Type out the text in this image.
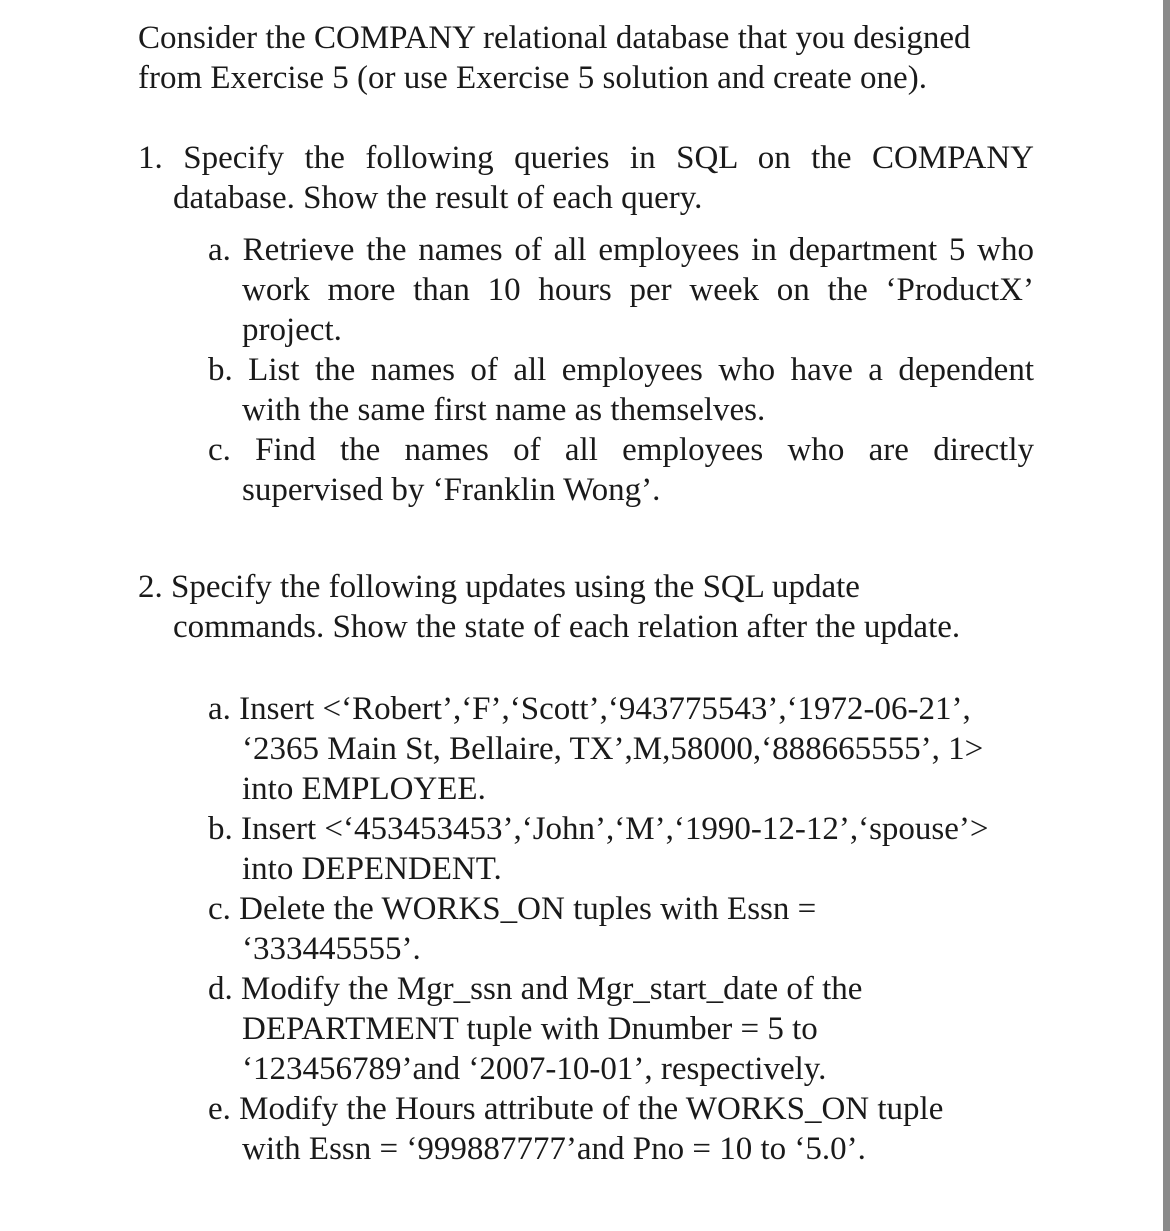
Consider the COMPANY relational database that you designed
from Exercise 5 (or use Exercise 5 solution and create one).
1. Specify the following queries in SQL on the COMPANY
database. Show the result of each query.
a. Retrieve the names of all employees in department 5 who
work more than 10 hours per week on the ‘ProductX’
project.
b. List the names of all employees who have a dependent
with the same first name as themselves.
c. Find the names of all employees who are directly
supervised by ‘Franklin Wong’.
2. Specify the following updates using the SQL update
commands. Show the state of each relation after the update.
a. Insert <‘Robert’,‘F’,‘Scott’,‘943775543’,‘1972-06-21’,
‘2365 Main St, Bellaire, TX’,M,58000,‘888665555’, 1>
into EMPLOYEE.
b. Insert <‘453453453’,‘John’,‘M’,‘1990-12-12’,‘spouse’>
into DEPENDENT.
c. Delete the WORKS_ON tuples with Essn =
‘333445555’.
d. Modify the Mgr_ssn and Mgr_start_date of the
DEPARTMENT tuple with Dnumber = 5 to
‘123456789’and ‘2007-10-01’, respectively.
e. Modify the Hours attribute of the WORKS_ON tuple
with Essn = ‘999887777’and Pno = 10 to ‘5.0’.
